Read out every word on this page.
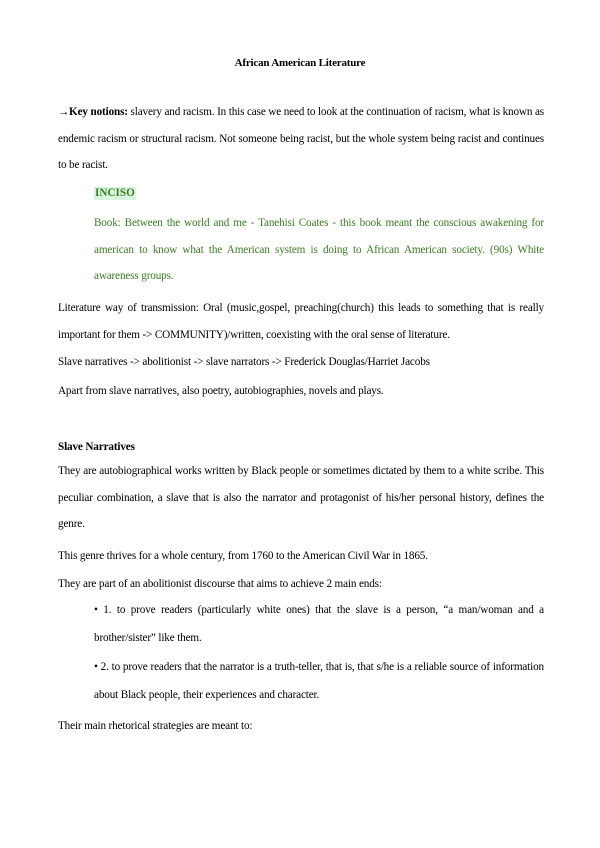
African American Literature
→Key notions: slavery and racism. In this case we need to look at the continuation of racism, what is known as endemic racism or structural racism. Not someone being racist, but the whole system being racist and continues to be racist.
INCISO
Book: Between the world and me - Tanehisi Coates - this book meant the conscious awakening for american to know what the American system is doing to African American society. (90s) White awareness groups.
Literature way of transmission: Oral (music,gospel, preaching(church) this leads to something that is really important for them -> COMMUNITY)/written, coexisting with the oral sense of literature.
Slave narratives -> abolitionist -> slave narrators -> Frederick Douglas/Harriet Jacobs
Apart from slave narratives, also poetry, autobiographies, novels and plays.
Slave Narratives
They are autobiographical works written by Black people or sometimes dictated by them to a white scribe. This peculiar combination, a slave that is also the narrator and protagonist of his/her personal history, defines the genre.
This genre thrives for a whole century, from 1760 to the American Civil War in 1865.
They are part of an abolitionist discourse that aims to achieve 2 main ends:
• 1. to prove readers (particularly white ones) that the slave is a person, “a man/woman and a brother/sister” like them.
• 2. to prove readers that the narrator is a truth-teller, that is, that s/he is a reliable source of information about Black people, their experiences and character.
Their main rhetorical strategies are meant to:
